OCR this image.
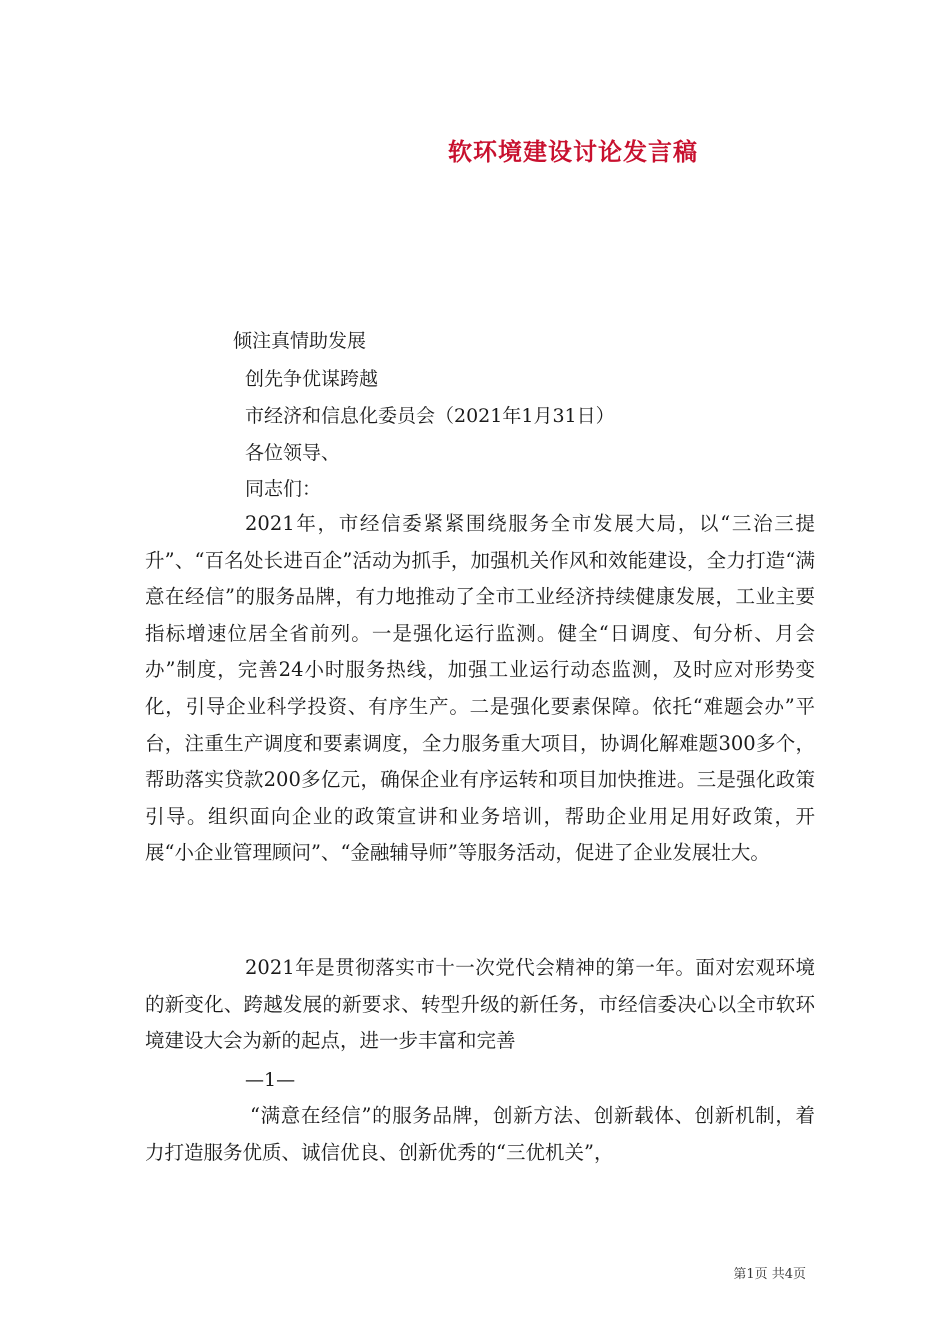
软环境建设讨论发言稿
倾注真情助发展
创先争优谋跨越
市经济和信息化委员会（2021年1月31日）
各位领导、
同志们：

2021年，市经信委紧紧围绕服务全市发展大局，以“三治三提升”、“百名处长进百企”活动为抓手，加强机关作风和效能建设，全力打造“满意在经信”的服务品牌，有力地推动了全市工业经济持续健康发展，工业主要指标增速位居全省前列。一是强化运行监测。健全“日调度、旬分析、月会办”制度，完善24小时服务热线，加强工业运行动态监测，及时应对形势变化，引导企业科学投资、有序生产。二是强化要素保障。依托“难题会办”平台，注重生产调度和要素调度，全力服务重大项目，协调化解难题300多个，帮助落实贷款200多亿元，确保企业有序运转和项目加快推进。三是强化政策引导。组织面向企业的政策宣讲和业务培训，帮助企业用足用好政策，开展“小企业管理顾问”、“金融辅导师”等服务活动，促进了企业发展壮大。

2021年是贯彻落实市十一次党代会精神的第一年。面对宏观环境的新变化、跨越发展的新要求、转型升级的新任务，市经信委决心以全市软环境建设大会为新的起点，进一步丰富和完善

—1—

“满意在经信”的服务品牌，创新方法、创新载体、创新机制，着力打造服务优质、诚信优良、创新优秀的“三优机关”，

第1页 共4页
